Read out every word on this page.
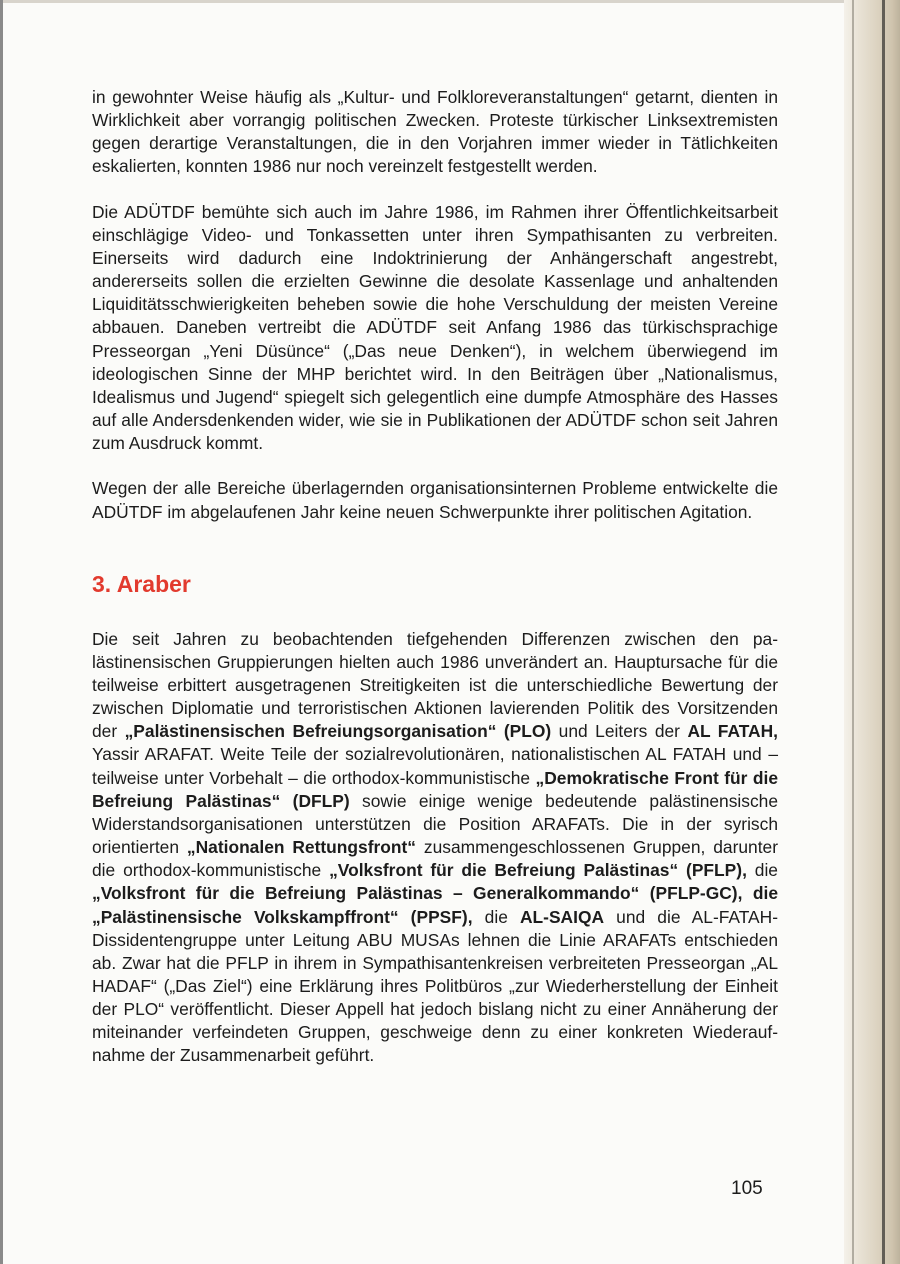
in gewohnter Weise häufig als „Kultur- und Folkloreveranstaltungen“ getarnt, dienten in Wirklichkeit aber vorrangig politischen Zwecken. Proteste türkischer Linksextremisten gegen derartige Veranstaltungen, die in den Vorjahren immer wieder in Tätlichkeiten eskalierten, konnten 1986 nur noch vereinzelt festgestellt werden.

Die ADÜTDF bemühte sich auch im Jahre 1986, im Rahmen ihrer Öffentlichkeitsarbeit einschlägige Video- und Tonkassetten unter ihren Sympathisanten zu verbreiten. Einerseits wird dadurch eine Indoktrinierung der Anhängerschaft angestrebt, andererseits sollen die erzielten Gewinne die desolate Kassenlage und anhaltenden Liquiditätsschwierigkeiten beheben sowie die hohe Verschuldung der meisten Vereine abbauen. Daneben vertreibt die ADÜTDF seit Anfang 1986 das türkischsprachige Presseorgan „Yeni Düsünce“ („Das neue Denken“), in welchem überwiegend im ideologischen Sinne der MHP berichtet wird. In den Beiträgen über „Nationalismus, Idealismus und Jugend“ spiegelt sich gelegentlich eine dumpfe Atmosphäre des Hasses auf alle Andersdenkenden wider, wie sie in Publikationen der ADÜTDF schon seit Jahren zum Ausdruck kommt.

Wegen der alle Bereiche überlagernden organisationsinternen Probleme entwickelte die ADÜTDF im abgelaufenen Jahr keine neuen Schwerpunkte ihrer politischen Agitation.

3. Araber

Die seit Jahren zu beobachtenden tiefgehenden Differenzen zwischen den palästinensischen Gruppierungen hielten auch 1986 unverändert an. Hauptursache für die teilweise erbittert ausgetragenen Streitigkeiten ist die unterschiedliche Bewertung der zwischen Diplomatie und terroristischen Aktionen lavierenden Politik des Vorsitzenden der „Palästinensischen Befreiungsorganisation“ (PLO) und Leiters der AL FATAH, Yassir ARAFAT. Weite Teile der sozialrevolutionären, nationalistischen AL FATAH und – teilweise unter Vorbehalt – die orthodox-kommunistische „Demokratische Front für die Befreiung Palästinas“ (DFLP) sowie einige wenige bedeutende palästinensische Widerstandsorganisationen unterstützen die Position ARAFATs. Die in der syrisch orientierten „Nationalen Rettungsfront“ zusammengeschlossenen Gruppen, darunter die orthodox-kommunistische „Volksfront für die Befreiung Palästinas“ (PFLP), die „Volksfront für die Befreiung Palästinas – Generalkommando“ (PFLP-GC), die „Palästinensische Volkskampffront“ (PPSF), die AL-SAIQA und die AL-FATAH-Dissidentengruppe unter Leitung ABU MUSAs lehnen die Linie ARAFATs entschieden ab. Zwar hat die PFLP in ihrem in Sympathisantenkreisen verbreiteten Presseorgan „AL HADAF“ („Das Ziel“) eine Erklärung ihres Politbüros „zur Wiederherstellung der Einheit der PLO“ veröffentlicht. Dieser Appell hat jedoch bislang nicht zu einer Annäherung der miteinander verfeindeten Gruppen, geschweige denn zu einer konkreten Wiederaufnahme der Zusammenarbeit geführt.

105
